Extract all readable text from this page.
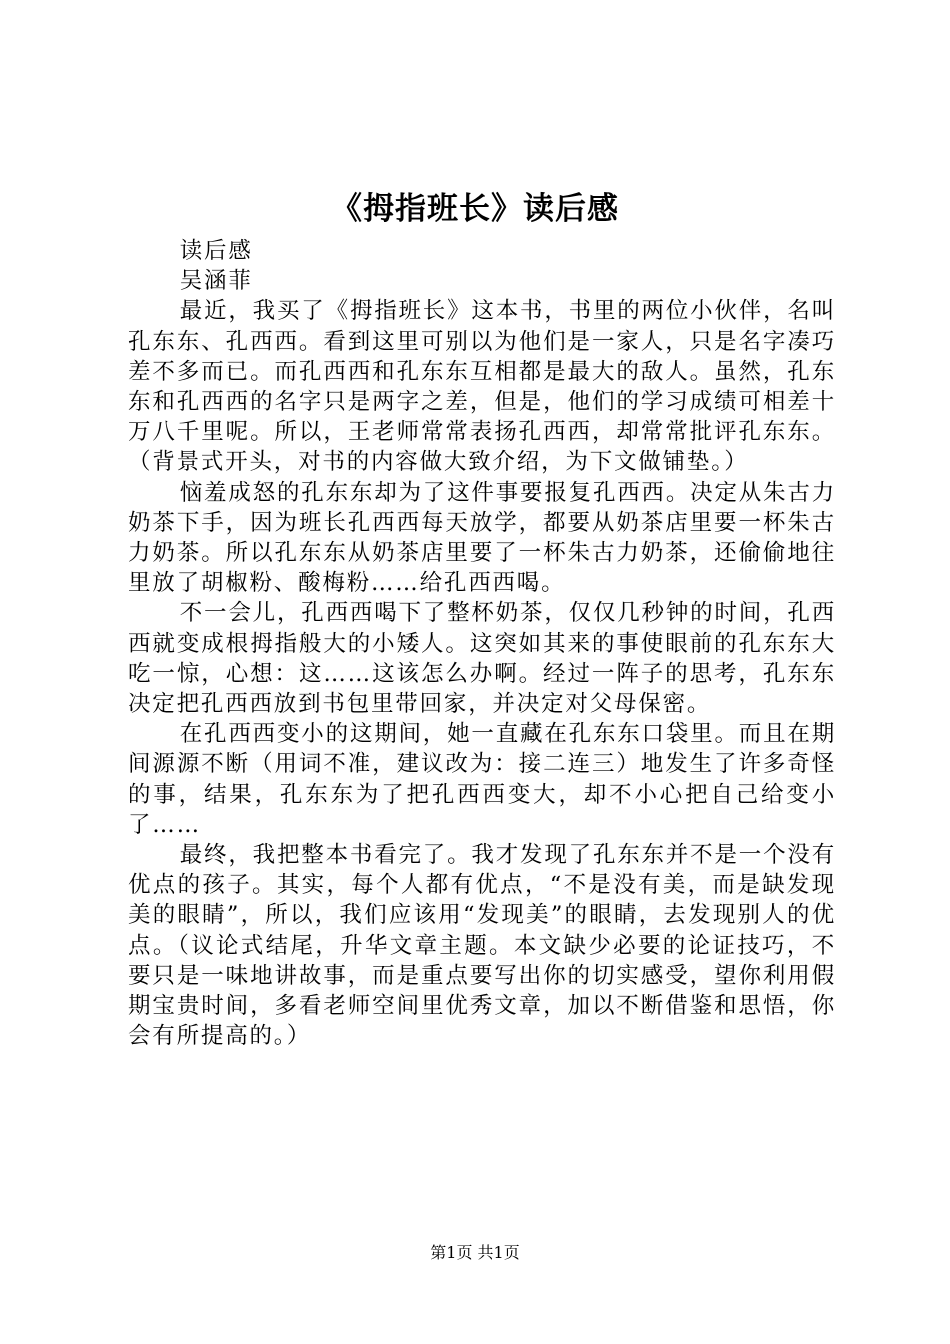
《拇指班长》读后感

读后感

吴涵菲

最近，我买了《拇指班长》这本书，书里的两位小伙伴，名叫孔东东、孔西西。看到这里可别以为他们是一家人，只是名字凑巧差不多而已。而孔西西和孔东东互相都是最大的敌人。虽然，孔东东和孔西西的名字只是两字之差，但是，他们的学习成绩可相差十万八千里呢。所以，王老师常常表扬孔西西，却常常批评孔东东。（背景式开头，对书的内容做大致介绍，为下文做铺垫。）

恼羞成怒的孔东东却为了这件事要报复孔西西。决定从朱古力奶茶下手，因为班长孔西西每天放学，都要从奶茶店里要一杯朱古力奶茶。所以孔东东从奶茶店里要了一杯朱古力奶茶，还偷偷地往里放了胡椒粉、酸梅粉……给孔西西喝。

不一会儿，孔西西喝下了整杯奶茶，仅仅几秒钟的时间，孔西西就变成根拇指般大的小矮人。这突如其来的事使眼前的孔东东大吃一惊，心想：这……这该怎么办啊。经过一阵子的思考，孔东东决定把孔西西放到书包里带回家，并决定对父母保密。

在孔西西变小的这期间，她一直藏在孔东东口袋里。而且在期间源源不断（用词不准，建议改为：接二连三）地发生了许多奇怪的事，结果，孔东东为了把孔西西变大，却不小心把自己给变小了……

最终，我把整本书看完了。我才发现了孔东东并不是一个没有优点的孩子。其实，每个人都有优点，“不是没有美，而是缺发现美的眼睛”，所以，我们应该用“发现美”的眼睛，去发现别人的优点。（议论式结尾，升华文章主题。本文缺少必要的论证技巧，不要只是一味地讲故事，而是重点要写出你的切实感受，望你利用假期宝贵时间，多看老师空间里优秀文章，加以不断借鉴和思悟，你会有所提高的。）

第1页 共1页
